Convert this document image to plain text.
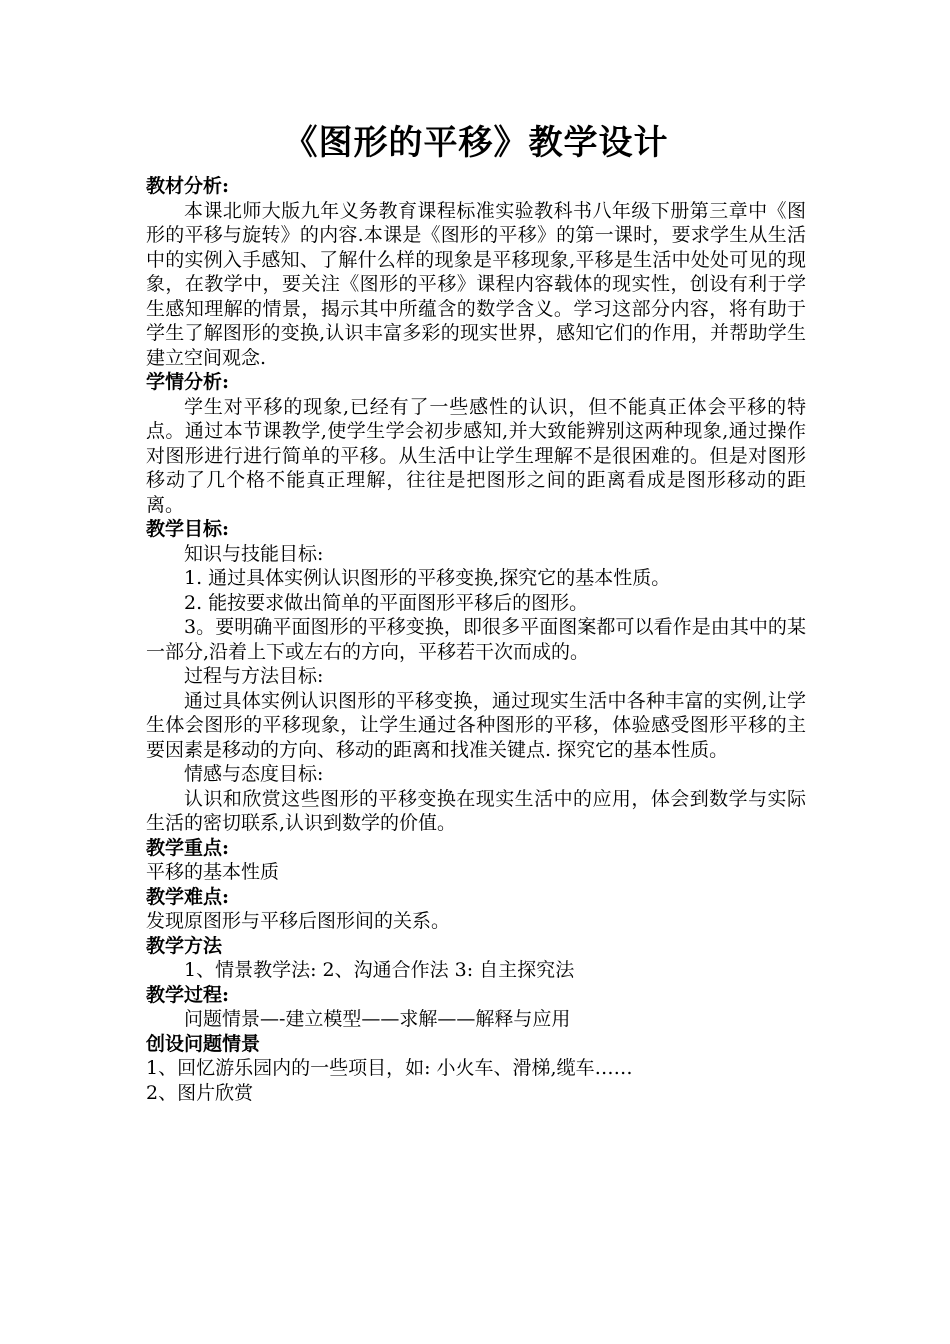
《图形的平移》教学设计

教材分析:

本课北师大版九年义务教育课程标准实验教科书八年级下册第三章中《图形的平移与旋转》的内容.本课是《图形的平移》的第一课时，要求学生从生活中的实例入手感知、了解什么样的现象是平移现象,平移是生活中处处可见的现象，在教学中，要关注《图形的平移》课程内容载体的现实性，创设有利于学生感知理解的情景，揭示其中所蕴含的数学含义。学习这部分内容，将有助于学生了解图形的变换,认识丰富多彩的现实世界，感知它们的作用，并帮助学生建立空间观念.

学情分析:

学生对平移的现象,已经有了一些感性的认识，但不能真正体会平移的特点。通过本节课教学,使学生学会初步感知,并大致能辨别这两种现象,通过操作对图形进行进行简单的平移。从生活中让学生理解不是很困难的。但是对图形移动了几个格不能真正理解，往往是把图形之间的距离看成是图形移动的距离。

教学目标:

知识与技能目标:

1. 通过具体实例认识图形的平移变换,探究它的基本性质。

2. 能按要求做出简单的平面图形平移后的图形。

3。要明确平面图形的平移变换，即很多平面图案都可以看作是由其中的某一部分,沿着上下或左右的方向，平移若干次而成的。

过程与方法目标:

通过具体实例认识图形的平移变换，通过现实生活中各种丰富的实例,让学生体会图形的平移现象，让学生通过各种图形的平移，体验感受图形平移的主要因素是移动的方向、移动的距离和找准关键点. 探究它的基本性质。

情感与态度目标:

认识和欣赏这些图形的平移变换在现实生活中的应用，体会到数学与实际生活的密切联系,认识到数学的价值。

教学重点:

平移的基本性质

教学难点:

发现原图形与平移后图形间的关系。

教学方法

1、情景教学法: 2、沟通合作法 3: 自主探究法

教学过程:

问题情景—-建立模型——求解——解释与应用

创设问题情景

1、回忆游乐园内的一些项目，如: 小火车、滑梯,缆车……

2、图片欣赏
